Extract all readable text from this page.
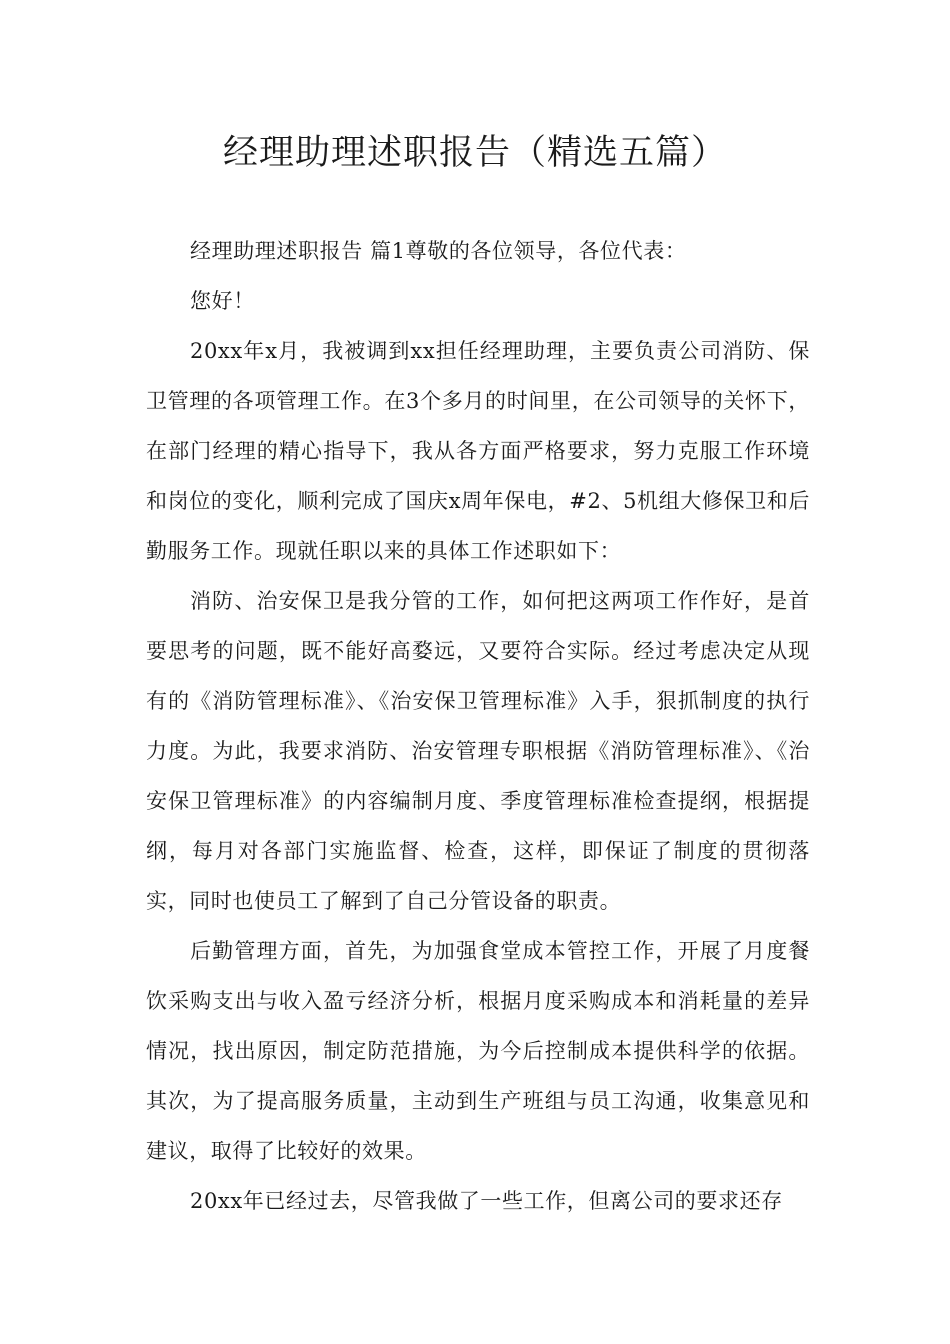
经理助理述职报告（精选五篇）

经理助理述职报告 篇1尊敬的各位领导，各位代表：

您好！

20xx年x月，我被调到xx担任经理助理，主要负责公司消防、保卫管理的各项管理工作。在3个多月的时间里，在公司领导的关怀下，在部门经理的精心指导下，我从各方面严格要求，努力克服工作环境和岗位的变化，顺利完成了国庆x周年保电，#2、5机组大修保卫和后勤服务工作。现就任职以来的具体工作述职如下：

消防、治安保卫是我分管的工作，如何把这两项工作作好，是首要思考的问题，既不能好高婺远，又要符合实际。经过考虑决定从现有的《消防管理标准》、《治安保卫管理标准》入手，狠抓制度的执行力度。为此，我要求消防、治安管理专职根据《消防管理标准》、《治安保卫管理标准》的内容编制月度、季度管理标准检查提纲，根据提纲，每月对各部门实施监督、检查，这样，即保证了制度的贯彻落实，同时也使员工了解到了自己分管设备的职责。

后勤管理方面，首先，为加强食堂成本管控工作，开展了月度餐饮采购支出与收入盈亏经济分析，根据月度采购成本和消耗量的差异情况，找出原因，制定防范措施，为今后控制成本提供科学的依据。其次，为了提高服务质量，主动到生产班组与员工沟通，收集意见和建议，取得了比较好的效果。

20xx年已经过去，尽管我做了一些工作，但离公司的要求还存
